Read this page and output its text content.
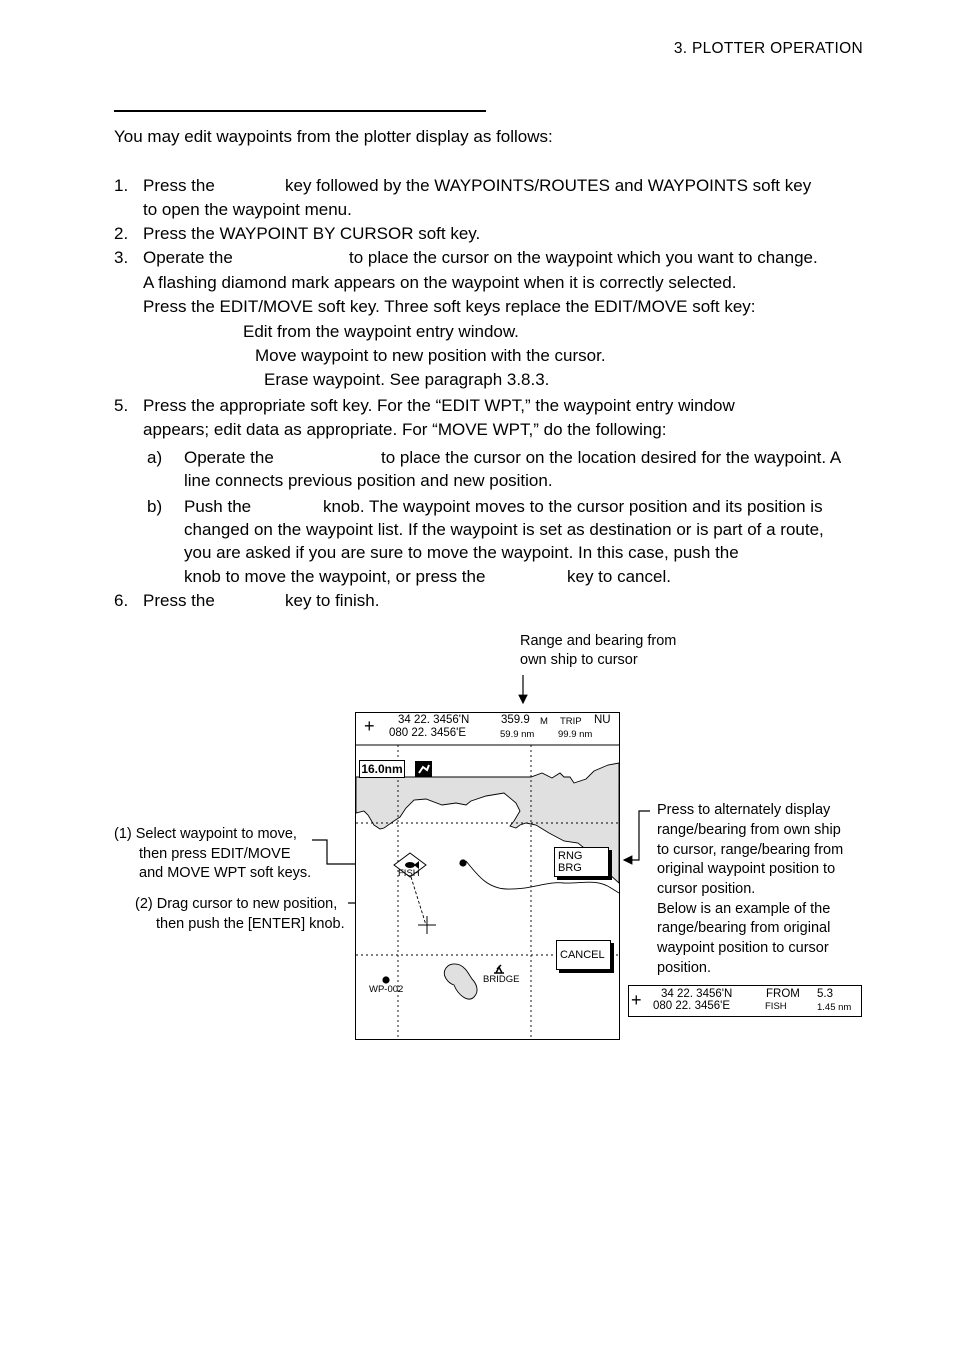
3. PLOTTER OPERATION
You may edit waypoints from the plotter display as follows:
1. Press the	key followed by the WAYPOINTS/ROUTES and WAYPOINTS soft key
to open the waypoint menu.
2. Press the WAYPOINT BY CURSOR soft key.
3. Operate the	to place the cursor on the waypoint which you want to change.
A flashing diamond mark appears on the waypoint when it is correctly selected.
Press the EDIT/MOVE soft key. Three soft keys replace the EDIT/MOVE soft key:
Edit from the waypoint entry window.
Move waypoint to new position with the cursor.
Erase waypoint. See paragraph 3.8.3.
5. Press the appropriate soft key. For the “EDIT WPT,” the waypoint entry window
appears; edit data as appropriate. For “MOVE WPT,” do the following:
a) Operate the	to place the cursor on the location desired for the waypoint. A
line connects previous position and new position.
b) Push the	knob. The waypoint moves to the cursor position and its position is
changed on the waypoint list. If the waypoint is set as destination or is part of a route,
you are asked if you are sure to move the waypoint. In this case, push the
knob to move the waypoint, or press the	key to cancel.
6. Press the	key to finish.
Range and bearing from
own ship to cursor
(1) Select waypoint to move,
then press EDIT/MOVE
and MOVE WPT soft keys.
(2) Drag cursor to new position,
then push the [ENTER] knob.
Press to alternately display
range/bearing from own ship
to cursor, range/bearing from
original waypoint position to
cursor position.
Below is an example of the
range/bearing from original
waypoint position to cursor
position.
+ 34 22. 3456'N
080 22. 3456'E
359.9 M TRIP NU
59.9 nm 99.9 nm
16.0nm
FISH
WP-002
BRIDGE
RNG
BRG
CANCEL
+ 34 22. 3456'N
080 22. 3456'E
FROM
FISH
5.3
1.45 nm
